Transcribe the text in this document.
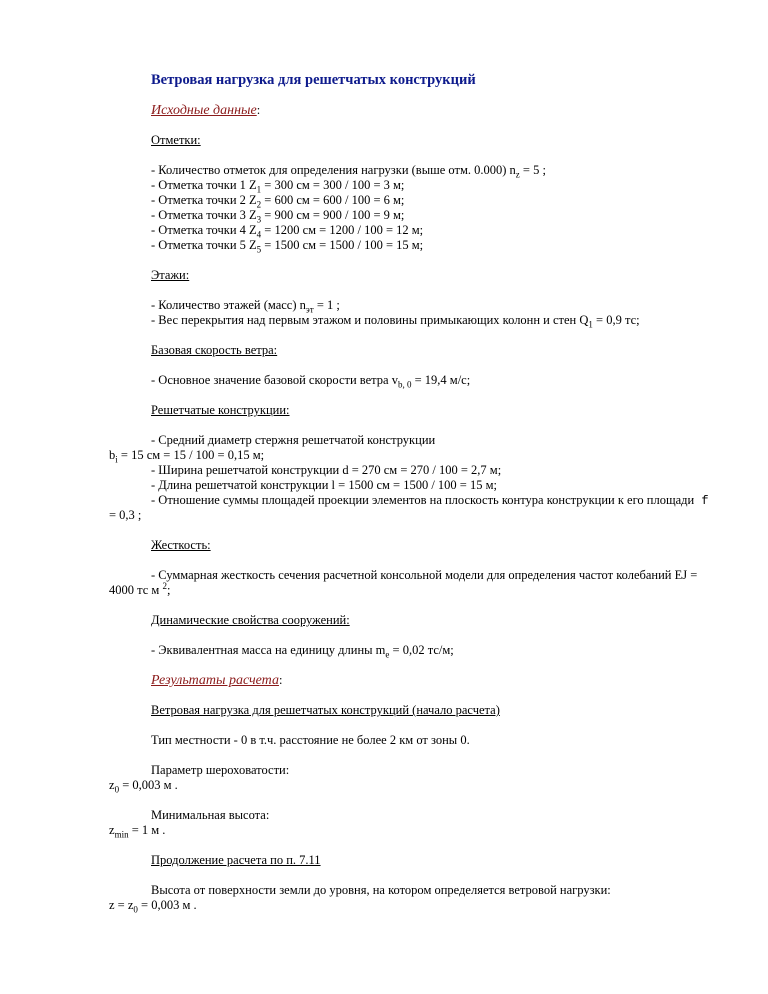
Ветровая нагрузка для решетчатых конструкций
Исходные данные:
Отметки:
- Количество отметок для определения нагрузки (выше отм. 0.000) $n_z = 5$ ;
- Отметка точки 1 $Z_1 = 300$ см = 300 / 100 = 3 м;
- Отметка точки 2 $Z_2 = 600$ см = 600 / 100 = 6 м;
- Отметка точки 3 $Z_3 = 900$ см = 900 / 100 = 9 м;
- Отметка точки 4 $Z_4 = 1200$ см = 1200 / 100 = 12 м;
- Отметка точки 5 $Z_5 = 1500$ см = 1500 / 100 = 15 м;
Этажи:
- Количество этажей (масс) $n_{эт} = 1$ ;
- Вес перекрытия над первым этажом и половины примыкающих колонн и стен $Q_1 = 0,9$ тс;
Базовая скорость ветра:
- Основное значение базовой скорости ветра $v_{b, 0} = 19,4$ м/с;
Решетчатые конструкции:
- Средний диаметр стержня решетчатой конструкции
$b_i = 15$ см = 15 / 100 = 0,15 м;
- Ширина решетчатой конструкции d = 270 см = 270 / 100 = 2,7 м;
- Длина решетчатой конструкции l = 1500 см = 1500 / 100 = 15 м;
- Отношение суммы площадей проекции элементов на плоскость контура конструкции к его площади f
= 0,3 ;
Жесткость:
- Суммарная жесткость сечения расчетной консольной модели для определения частот колебаний EJ =
4000 тс м $^2$;
Динамические свойства сооружений:
- Эквивалентная масса на единицу длины $m_e = 0,02$ тс/м;
Результаты расчета:
Ветровая нагрузка для решетчатых конструкций (начало расчета)
Тип местности - 0 в т.ч. расстояние не более 2 км от зоны 0.
Параметр шероховатости:
$z_0 = 0,003$ м .
Минимальная высота:
$z_{min} = 1$ м .
Продолжение расчета по п. 7.11
Высота от поверхности земли до уровня, на котором определяется ветровой нагрузки:
$z = z_0 = 0,003$ м .
